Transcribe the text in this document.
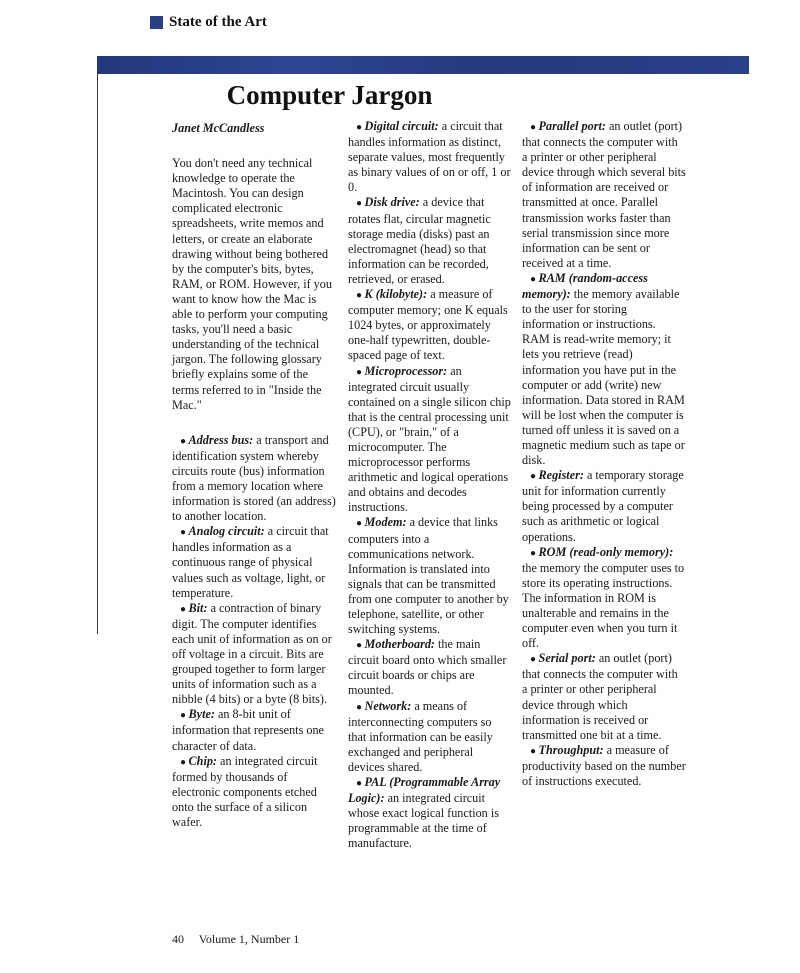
State of the Art
Computer Jargon

Janet McCandless

You don't need any technical knowledge to operate the Macintosh. You can design complicated electronic spreadsheets, write memos and letters, or create an elaborate drawing without being bothered by the computer's bits, bytes, RAM, or ROM. However, if you want to know how the Mac is able to perform your computing tasks, you'll need a basic understanding of the technical jargon. The following glossary briefly explains some of the terms referred to in "Inside the Mac."

● Address bus: a transport and identification system whereby circuits route (bus) information from a memory location where information is stored (an address) to another location.

● Analog circuit: a circuit that handles information as a continuous range of physical values such as voltage, light, or temperature.

● Bit: a contraction of binary digit. The computer identifies each unit of information as on or off voltage in a circuit. Bits are grouped together to form larger units of information such as a nibble (4 bits) or a byte (8 bits).

● Byte: an 8-bit unit of information that represents one character of data.

● Chip: an integrated circuit formed by thousands of electronic components etched onto the surface of a silicon wafer.

● Digital circuit: a circuit that handles information as distinct, separate values, most frequently as binary values of on or off, 1 or 0.

● Disk drive: a device that rotates flat, circular magnetic storage media (disks) past an electromagnet (head) so that information can be recorded, retrieved, or erased.

● K (kilobyte): a measure of computer memory; one K equals 1024 bytes, or approximately one-half typewritten, double-spaced page of text.

● Microprocessor: an integrated circuit usually contained on a single silicon chip that is the central processing unit (CPU), or "brain," of a microcomputer. The microprocessor performs arithmetic and logical operations and obtains and decodes instructions.

● Modem: a device that links computers into a communications network. Information is translated into signals that can be transmitted from one computer to another by telephone, satellite, or other switching systems.

● Motherboard: the main circuit board onto which smaller circuit boards or chips are mounted.

● Network: a means of interconnecting computers so that information can be easily exchanged and peripheral devices shared.

● PAL (Programmable Array Logic): an integrated circuit whose exact logical function is programmable at the time of manufacture.

● Parallel port: an outlet (port) that connects the computer with a printer or other peripheral device through which several bits of information are received or transmitted at once. Parallel transmission works faster than serial transmission since more information can be sent or received at a time.

● RAM (random-access memory): the memory available to the user for storing information or instructions. RAM is read-write memory; it lets you retrieve (read) information you have put in the computer or add (write) new information. Data stored in RAM will be lost when the computer is turned off unless it is saved on a magnetic medium such as tape or disk.

● Register: a temporary storage unit for information currently being processed by a computer such as arithmetic or logical operations.

● ROM (read-only memory): the memory the computer uses to store its operating instructions. The information in ROM is unalterable and remains in the computer even when you turn it off.

● Serial port: an outlet (port) that connects the computer with a printer or other peripheral device through which information is received or transmitted one bit at a time.

● Throughput: a measure of productivity based on the number of instructions executed.

40 Volume 1, Number 1
